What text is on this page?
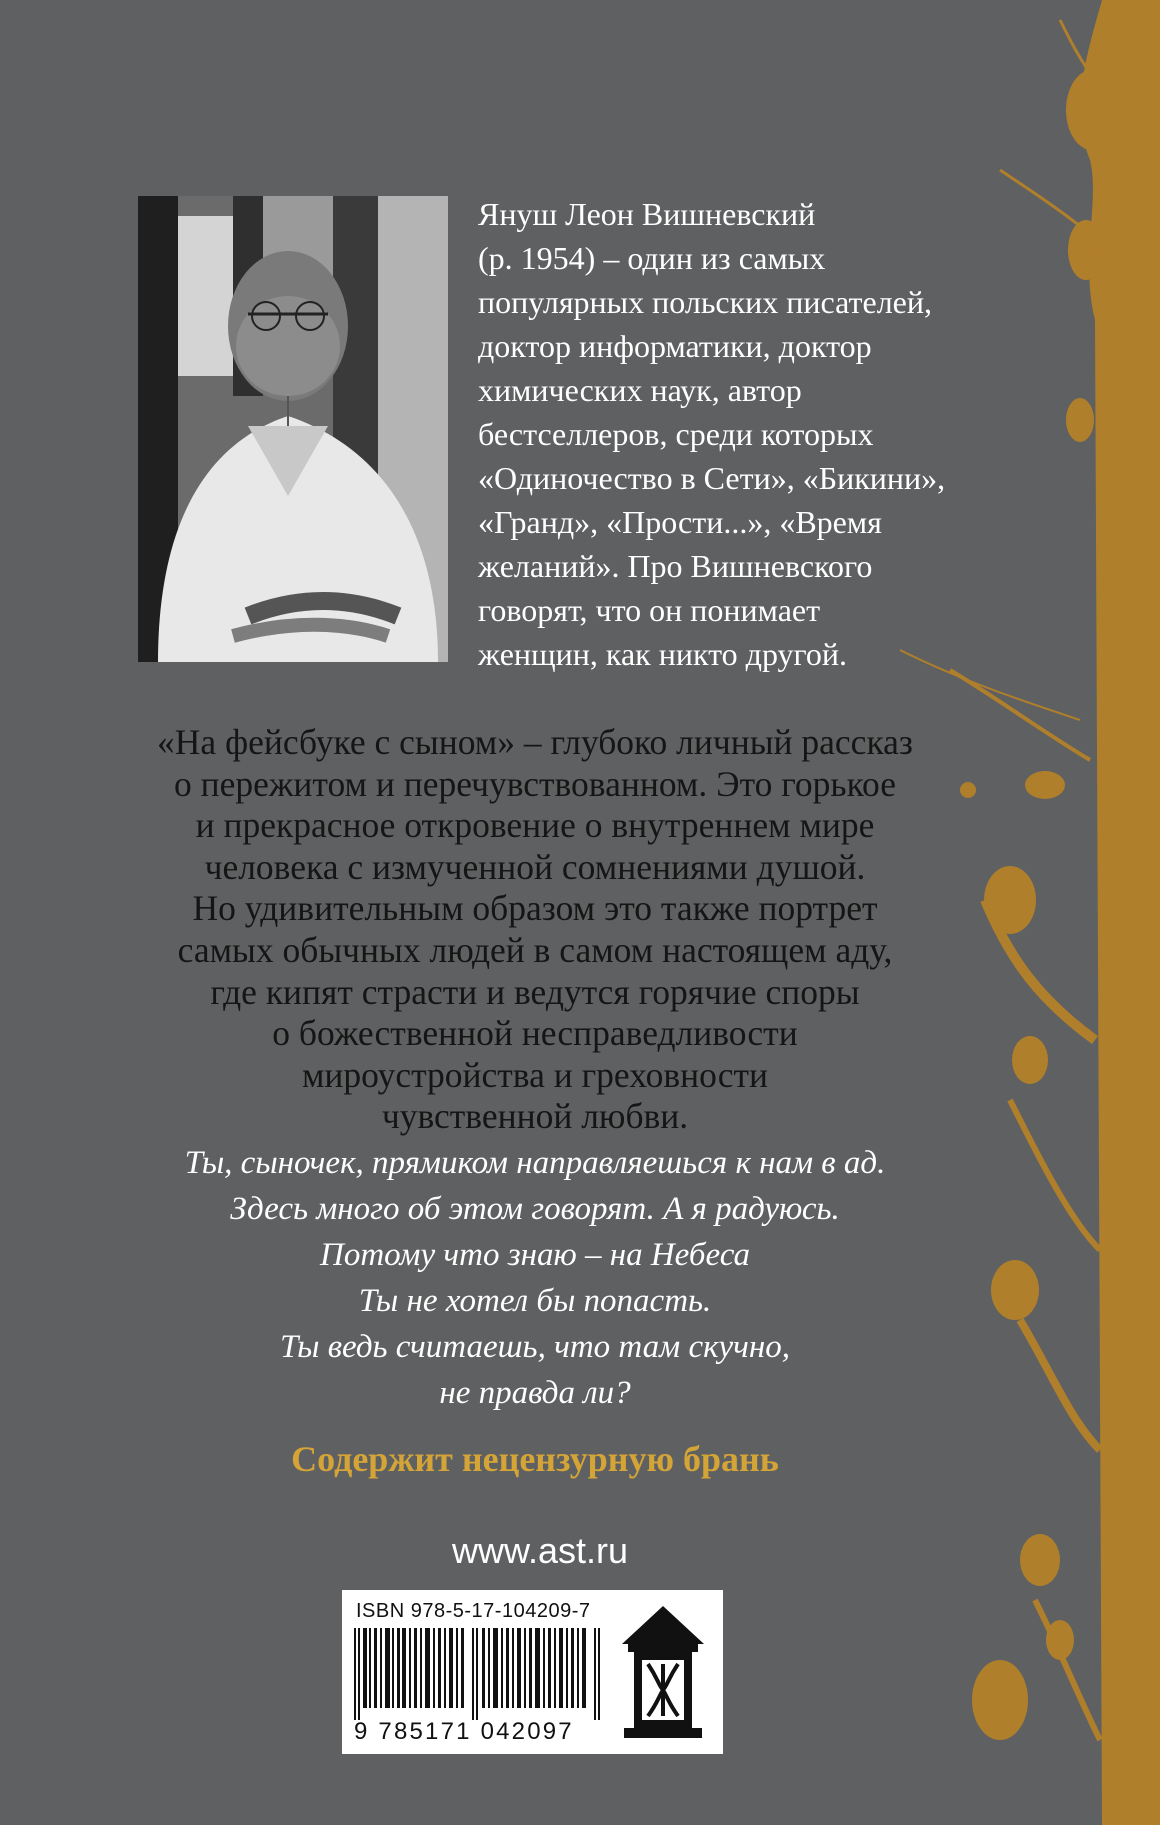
Януш Леон Вишневский
(р. 1954) – один из самых
популярных польских писателей,
доктор информатики, доктор
химических наук, автор
бестселлеров, среди которых
«Одиночество в Сети», «Бикини»,
«Гранд», «Прости...», «Время
желаний». Про Вишневского
говорят, что он понимает
женщин, как никто другой.

«На фейсбуке с сыном» – глубоко личный рассказ
о пережитом и перечувствованном. Это горькое
и прекрасное откровение о внутреннем мире
человека с измученной сомнениями душой.
Но удивительным образом это также портрет
самых обычных людей в самом настоящем аду,
где кипят страсти и ведутся горячие споры
о божественной несправедливости
мироустройства и греховности
чувственной любви.

Ты, сыночек, прямиком направляешься к нам в ад.
Здесь много об этом говорят. А я радуюсь.
Потому что знаю – на Небеса
Ты не хотел бы попасть.
Ты ведь считаешь, что там скучно,
не правда ли?

Содержит нецензурную брань

www.ast.ru
ISBN 978-5-17-104209-7
9 785171 042097
